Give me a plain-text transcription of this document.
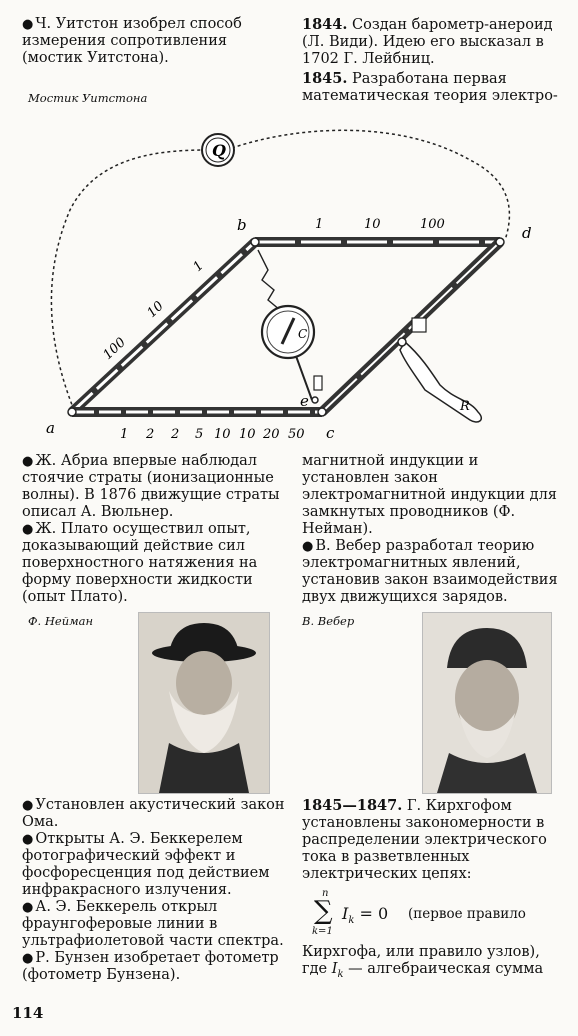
● Ч. Уитстон изобрел способ измерения сопротивления (мостик Уитстона).

1844. Создан барометр-анероид (Л. Види). Идею его высказал в 1702 Г. Лейбниц.

1845. Разработана первая математическая теория электро-

Мостик Уитстона
Q
C
R
a
b
c
d
e
1	10	100
100
10
1
1 2 2 5 10 10 20 50

● Ж. Абриа впервые наблюдал стоячие страты (ионизационные волны). В 1876 движущие страты описал А. Вюльнер.

● Ж. Плато осуществил опыт, доказывающий действие сил поверхностного натяжения на форму поверхности жидкости (опыт Плато).

магнитной индукции и установлен закон электромагнитной индукции для замкнутых проводников (Ф. Нейман).

● В. Вебер разработал теорию электромагнитных явлений, установив закон взаимодействия двух движущихся зарядов.

Ф. Нейман	В. Вебер

● Установлен акустический закон Ома.

● Открыты А. Э. Беккерелем фотографический эффект и фосфоресценция под действием инфракрасного излучения.

● А. Э. Беккерель открыл фраунгоферовые линии в ультрафиолетовой части спектра.

● Р. Бунзен изобретает фотометр (фотометр Бунзена).

1845—1847. Г. Кирхгофом установлены закономерности в распределении электрического тока в разветвленных электрических цепях:

n
∑
k=1
$I_k = 0$ (первое правило

Кирхгофа, или правило узлов), где $I_k$ — алгебраическая сумма

114
